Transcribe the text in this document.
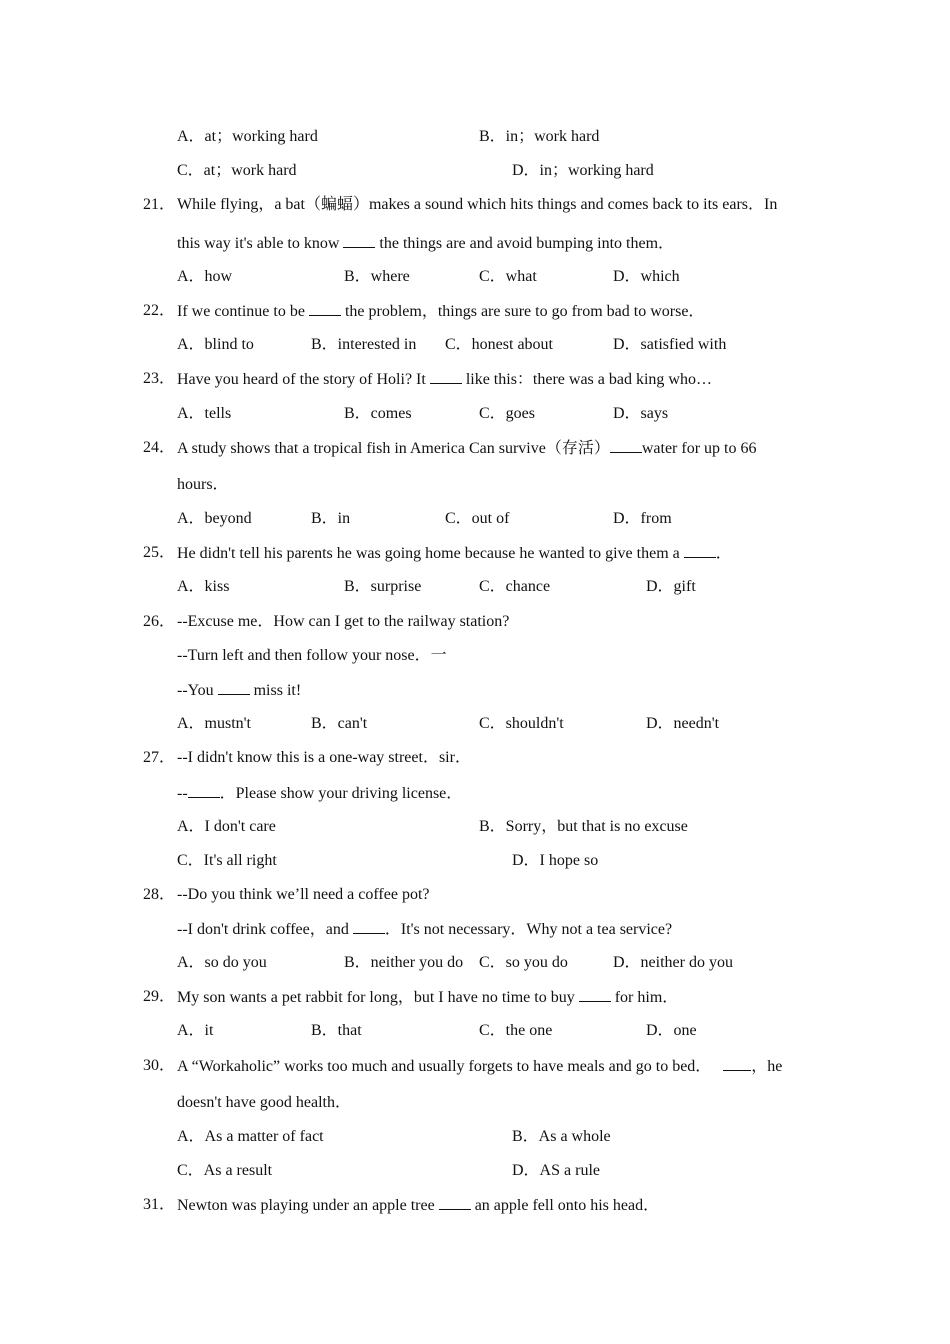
A．at；working hard	B．in；work hard
C．at；work hard	D．in；working hard
21． While flying，a bat（蝙蝠）makes a sound which hits things and comes back to its ears．In
this way it's able to know	the things are and avoid bumping into them．
A．how	B．where	C．what	D．which
22． If we continue to be	the problem，things are sure to go from bad to worse．
A．blind to	B．interested in C．honest about	D．satisfied with
23． Have you heard of the story of Holi? It	like this：there was a bad king who…
A．tells	B．comes	C．goes	D．says
24． A study shows that a tropical fish in America Can survive（存活） water for up to 66
hours．
A．beyond	B．in	C．out of	D．from
25． He didn't tell his parents he was going home because he wanted to give them a ．
A．kiss	B．surprise	C．chance	D．gift
26． --Excuse me．How can I get to the railway station?
--Turn left and then follow your nose．一
--You	miss it!
A．mustn't	B．can't	C．shouldn't	D．needn't
27． --I didn't know this is a one-way street．sir．
-- ．Please show your driving license．
A．I don't care	B．Sorry，but that is no excuse
C．It's all right	D．I hope so
28． --Do you think we’ll need a coffee pot?
--I don't drink coffee，and ．It's not necessary．Why not a tea service?
A．so do you	B．neither you do C．so you do	D．neither do you
29． My son wants a pet rabbit for long，but I have no time to buy	for him．
A．it	B．that	C．the one	D．one
30． A “Workaholic” works too much and usually forgets to have meals and go to bed．	，he
doesn't have good health．
A．As a matter of fact	B．As a whole
C．As a result	D．AS a rule
31． Newton was playing under an apple tree	an apple fell onto his head．
